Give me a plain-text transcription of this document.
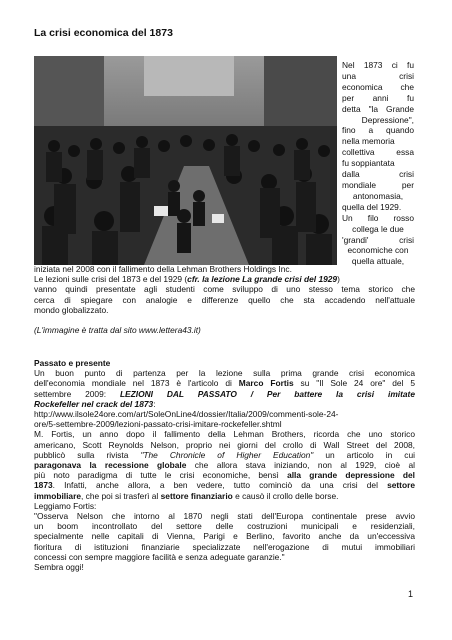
La crisi economica del 1873
Nel 1873 ci fu
una crisi
economica che
per anni fu
detta "la Grande
Depressione",
fino a quando
nella memoria
collettiva essa
fu soppiantata
dalla crisi
mondiale per
antonomasia,
quella del 1929.
Un filo rosso
collega le due
'grandi' crisi
economiche con
quella attuale,
iniziata nel 2008 con il fallimento della Lehman Brothers Holdings Inc.
Le lezioni sulle crisi del 1873 e del 1929 (cfr. la lezione La grande crisi del 1929)
vanno quindi presentate agli studenti come sviluppo di uno stesso tema storico che
cerca di spiegare con analogie e differenze quello che sta accadendo nell'attuale
mondo globalizzato.
(L'immagine è tratta dal sito www.lettera43.it)
Passato e presente
Un buon punto di partenza per la lezione sulla prima grande crisi economica
dell'economia mondiale nel 1873 è l'articolo di Marco Fortis su "Il Sole 24 ore" del 5
settembre 2009: LEZIONI DAL PASSATO / Per battere la crisi imitate
Rockefeller nel crack del 1873:
http://www.ilsole24ore.com/art/SoleOnLine4/dossier/Italia/2009/commenti-sole-24-
ore/5-settembre-2009/lezioni-passato-crisi-imitare-rockefeller.shtml
M. Fortis, un anno dopo il fallimento della Lehman Brothers, ricorda che uno storico
americano, Scott Reynolds Nelson, proprio nei giorni del crollo di Wall Street del 2008,
pubblicò sulla rivista "The Chronicle of Higher Education" un articolo in cui
paragonava la recessione globale che allora stava iniziando, non al 1929, cioè al
più noto paradigma di tutte le crisi economiche, bensì alla grande depressione del
1873. Infatti, anche allora, a ben vedere, tutto cominciò da una crisi del settore
immobiliare, che poi si trasferì al settore finanziario e causò il crollo delle borse.
Leggiamo Fortis:
"Osserva Nelson che intorno al 1870 negli stati dell'Europa continentale prese avvio
un boom incontrollato del settore delle costruzioni municipali e residenziali,
specialmente nelle capitali di Vienna, Parigi e Berlino, favorito anche da un'eccessiva
fioritura di istituzioni finanziarie specializzate nell'erogazione di mutui immobiliari
concessi con sempre maggiore facilità e senza adeguate garanzie."
Sembra oggi!
1
